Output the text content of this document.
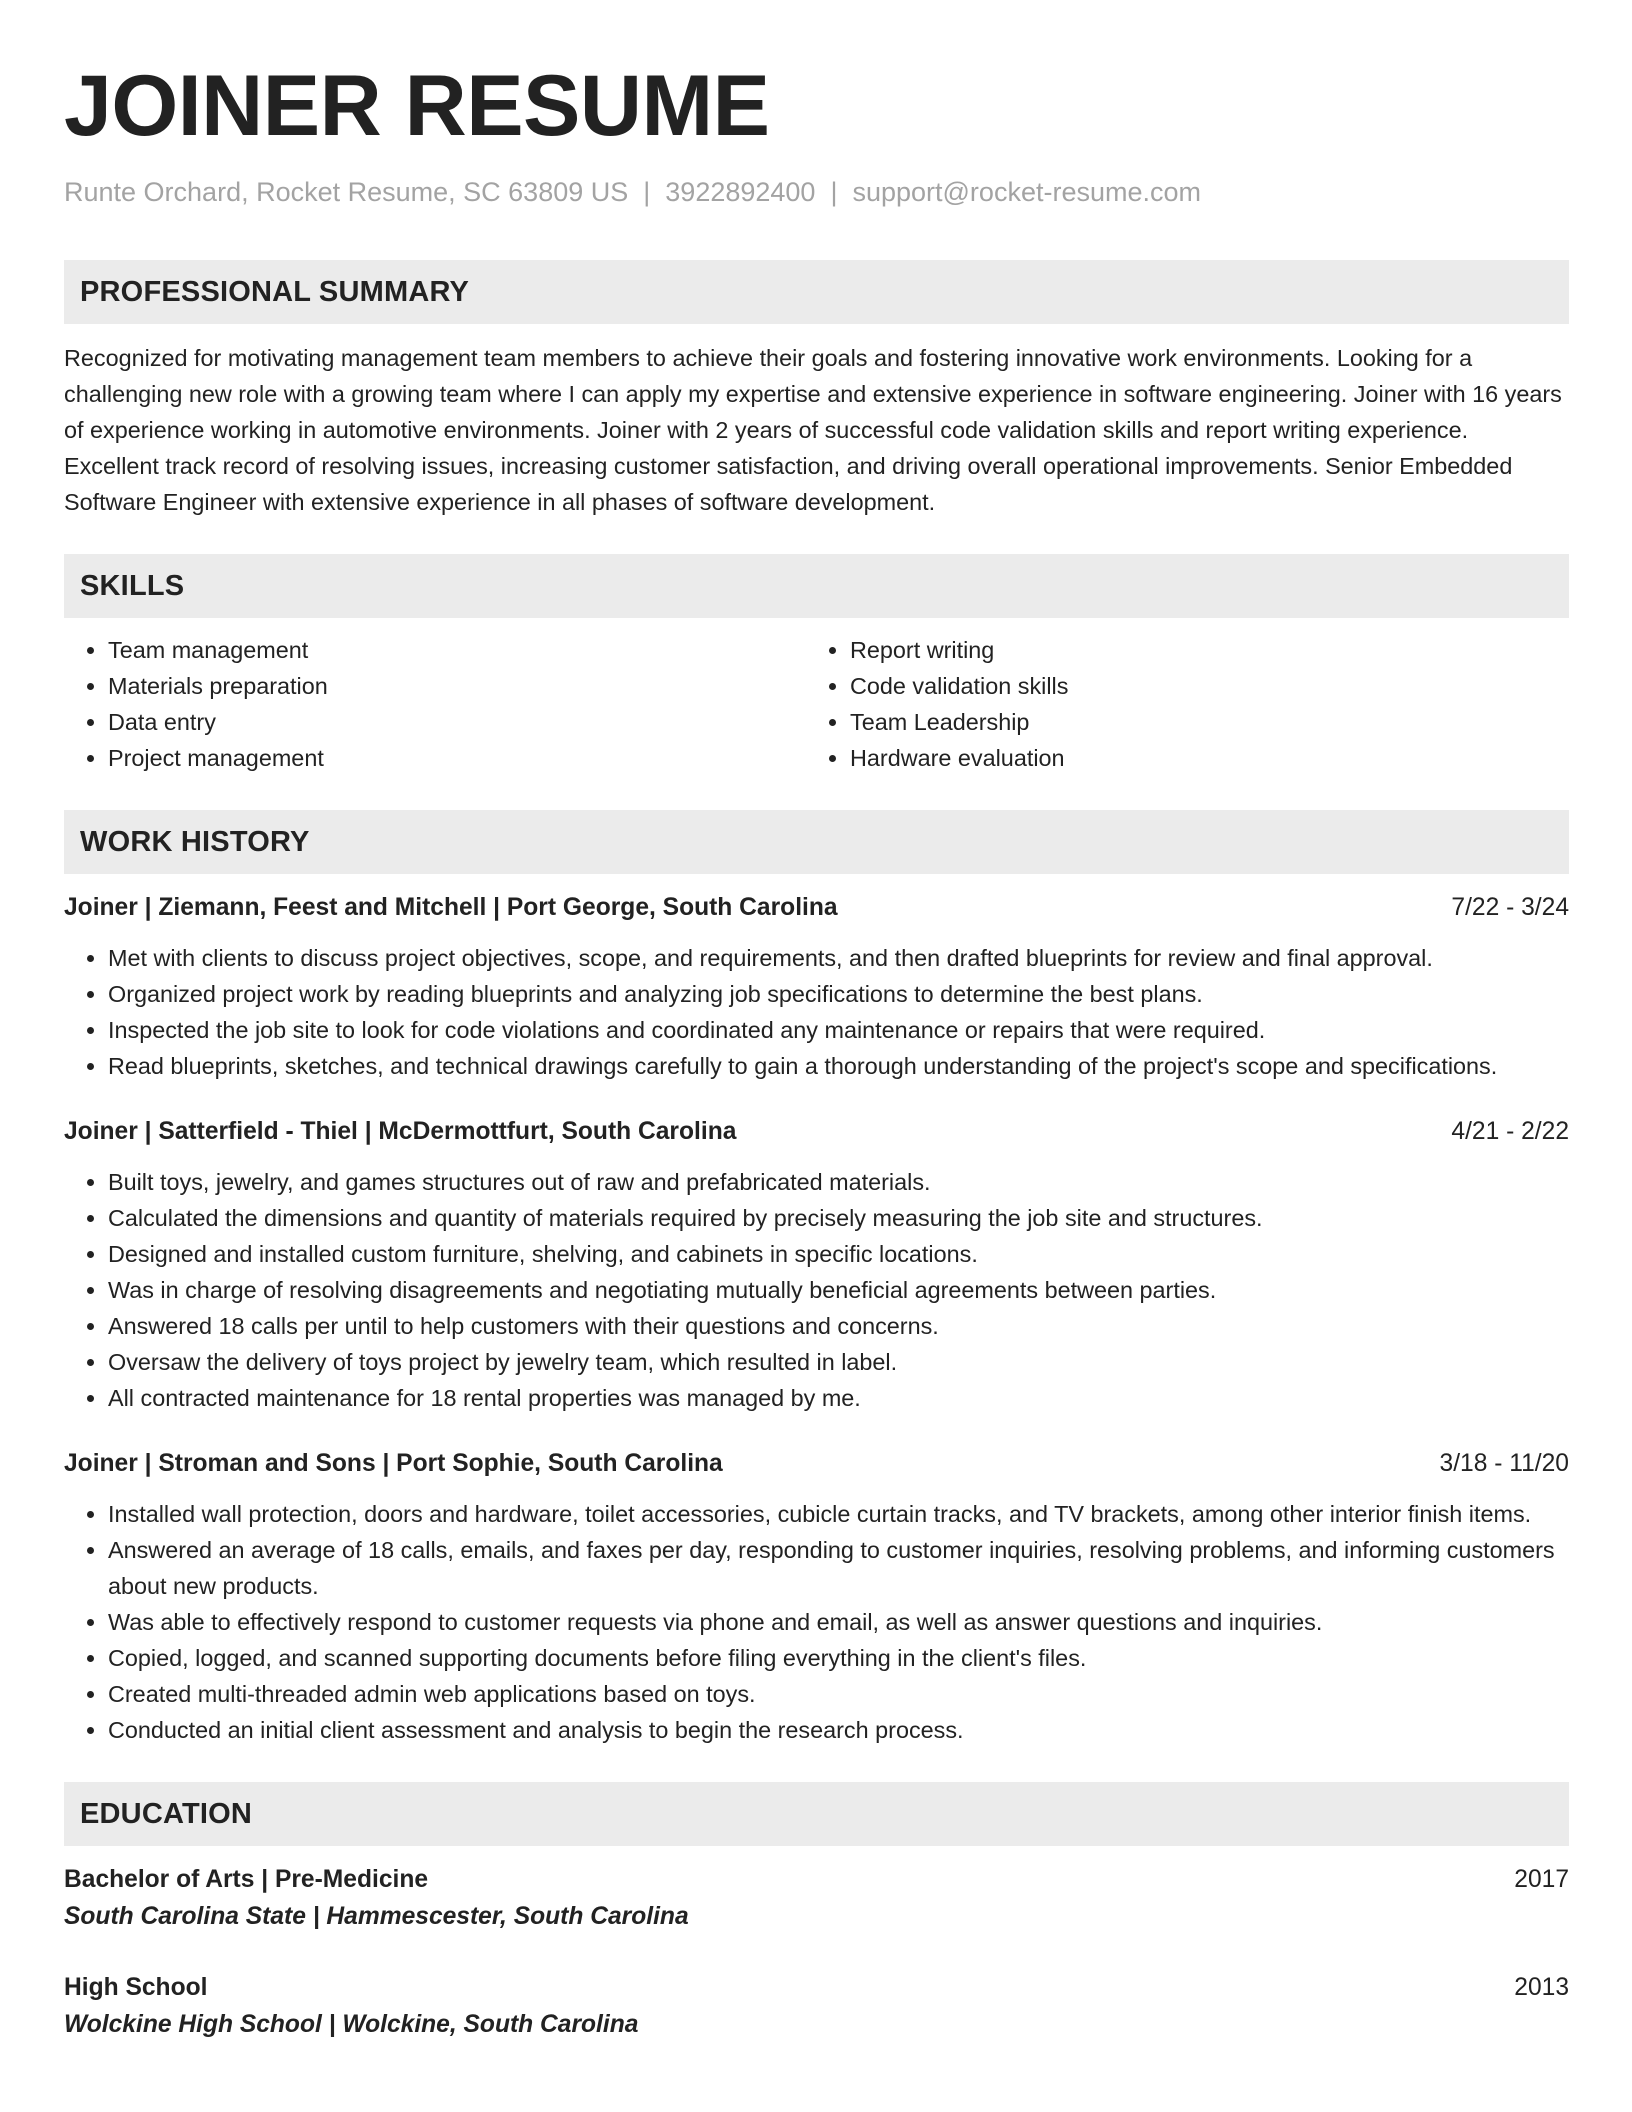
JOINER RESUME
Runte Orchard, Rocket Resume, SC 63809 US | 3922892400 | support@rocket-resume.com
PROFESSIONAL SUMMARY
Recognized for motivating management team members to achieve their goals and fostering innovative work environments. Looking for a challenging new role with a growing team where I can apply my expertise and extensive experience in software engineering. Joiner with 16 years of experience working in automotive environments. Joiner with 2 years of successful code validation skills and report writing experience. Excellent track record of resolving issues, increasing customer satisfaction, and driving overall operational improvements. Senior Embedded Software Engineer with extensive experience in all phases of software development.
SKILLS
• Team management
• Materials preparation
• Data entry
• Project management
• Report writing
• Code validation skills
• Team Leadership
• Hardware evaluation
WORK HISTORY
Joiner | Ziemann, Feest and Mitchell | Port George, South Carolina	7/22 - 3/24
• Met with clients to discuss project objectives, scope, and requirements, and then drafted blueprints for review and final approval.
• Organized project work by reading blueprints and analyzing job specifications to determine the best plans.
• Inspected the job site to look for code violations and coordinated any maintenance or repairs that were required.
• Read blueprints, sketches, and technical drawings carefully to gain a thorough understanding of the project's scope and specifications.
Joiner | Satterfield - Thiel | McDermottfurt, South Carolina	4/21 - 2/22
• Built toys, jewelry, and games structures out of raw and prefabricated materials.
• Calculated the dimensions and quantity of materials required by precisely measuring the job site and structures.
• Designed and installed custom furniture, shelving, and cabinets in specific locations.
• Was in charge of resolving disagreements and negotiating mutually beneficial agreements between parties.
• Answered 18 calls per until to help customers with their questions and concerns.
• Oversaw the delivery of toys project by jewelry team, which resulted in label.
• All contracted maintenance for 18 rental properties was managed by me.
Joiner | Stroman and Sons | Port Sophie, South Carolina	3/18 - 11/20
• Installed wall protection, doors and hardware, toilet accessories, cubicle curtain tracks, and TV brackets, among other interior finish items.
• Answered an average of 18 calls, emails, and faxes per day, responding to customer inquiries, resolving problems, and informing customers about new products.
• Was able to effectively respond to customer requests via phone and email, as well as answer questions and inquiries.
• Copied, logged, and scanned supporting documents before filing everything in the client's files.
• Created multi-threaded admin web applications based on toys.
• Conducted an initial client assessment and analysis to begin the research process.
EDUCATION
Bachelor of Arts | Pre-Medicine	2017
South Carolina State | Hammescester, South Carolina
High School	2013
Wolckine High School | Wolckine, South Carolina
